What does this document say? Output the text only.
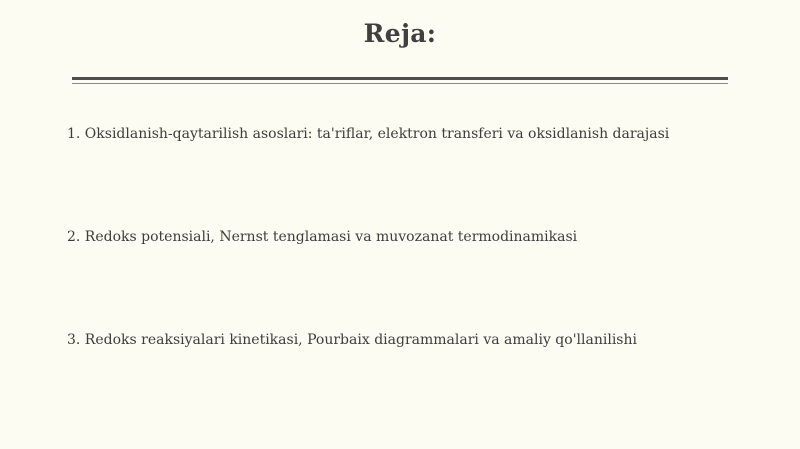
Reja:
1. Oksidlanish-qaytarilish asoslari: ta'riflar, elektron transferi va oksidlanish darajasi
2. Redoks potensiali, Nernst tenglamasi va muvozanat termodinamikasi
3. Redoks reaksiyalari kinetikasi, Pourbaix diagrammalari va amaliy qo'llanilishi
